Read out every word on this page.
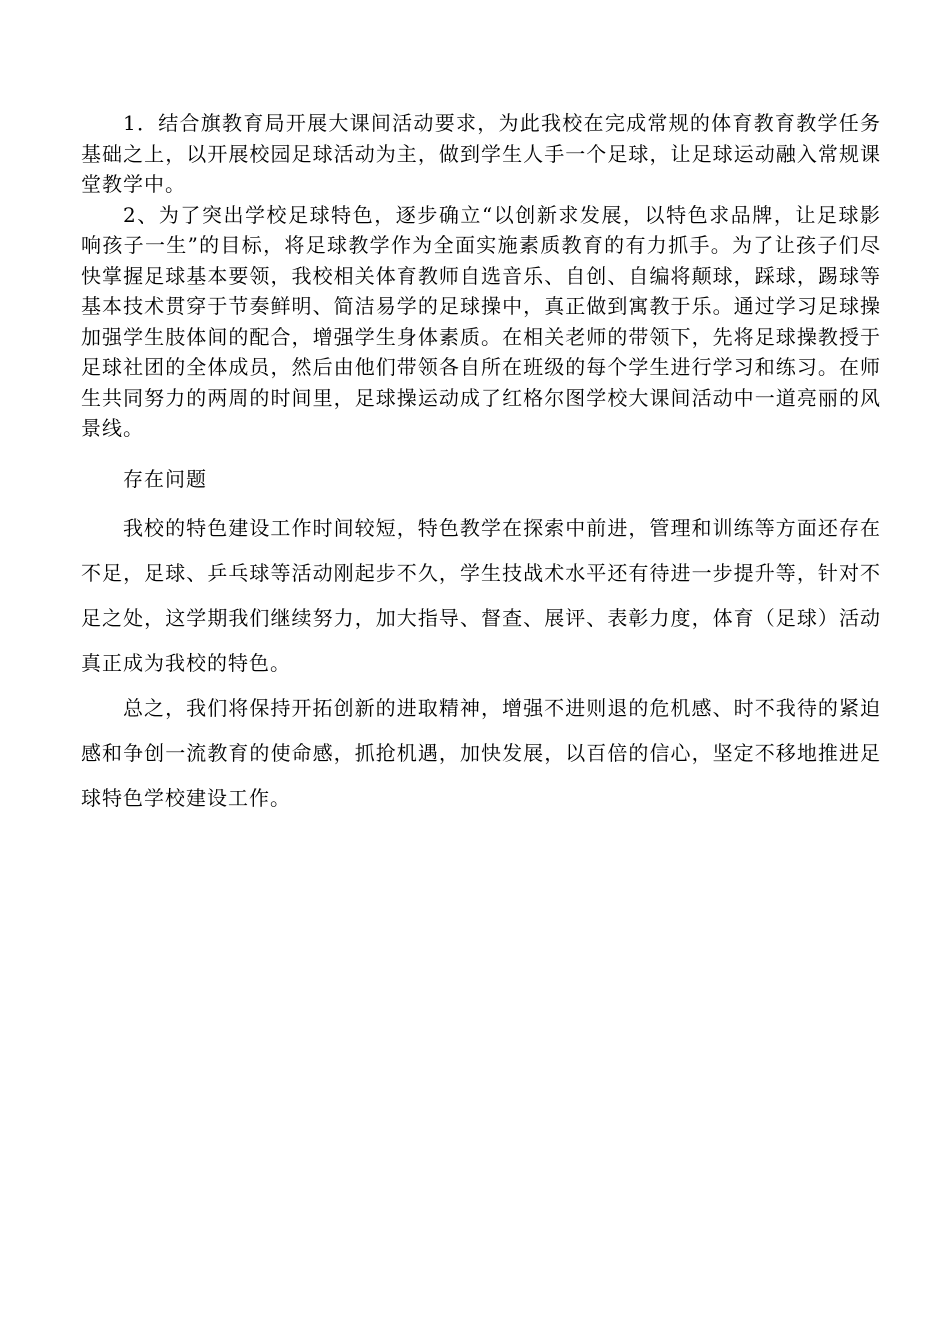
1．结合旗教育局开展大课间活动要求，为此我校在完成常规的体育教育教学任务基础之上，以开展校园足球活动为主，做到学生人手一个足球，让足球运动融入常规课堂教学中。

2、为了突出学校足球特色，逐步确立“以创新求发展，以特色求品牌，让足球影响孩子一生”的目标，将足球教学作为全面实施素质教育的有力抓手。为了让孩子们尽快掌握足球基本要领，我校相关体育教师自选音乐、自创、自编将颠球，踩球，踢球等基本技术贯穿于节奏鲜明、简洁易学的足球操中，真正做到寓教于乐。通过学习足球操加强学生肢体间的配合，增强学生身体素质。在相关老师的带领下，先将足球操教授于足球社团的全体成员，然后由他们带领各自所在班级的每个学生进行学习和练习。在师生共同努力的两周的时间里，足球操运动成了红格尔图学校大课间活动中一道亮丽的风景线。

存在问题

我校的特色建设工作时间较短，特色教学在探索中前进，管理和训练等方面还存在不足，足球、乒乓球等活动刚起步不久，学生技战术水平还有待进一步提升等，针对不足之处，这学期我们继续努力，加大指导、督查、展评、表彰力度，体育（足球）活动真正成为我校的特色。

总之，我们将保持开拓创新的进取精神，增强不进则退的危机感、时不我待的紧迫感和争创一流教育的使命感，抓抢机遇，加快发展，以百倍的信心，坚定不移地推进足球特色学校建设工作。
